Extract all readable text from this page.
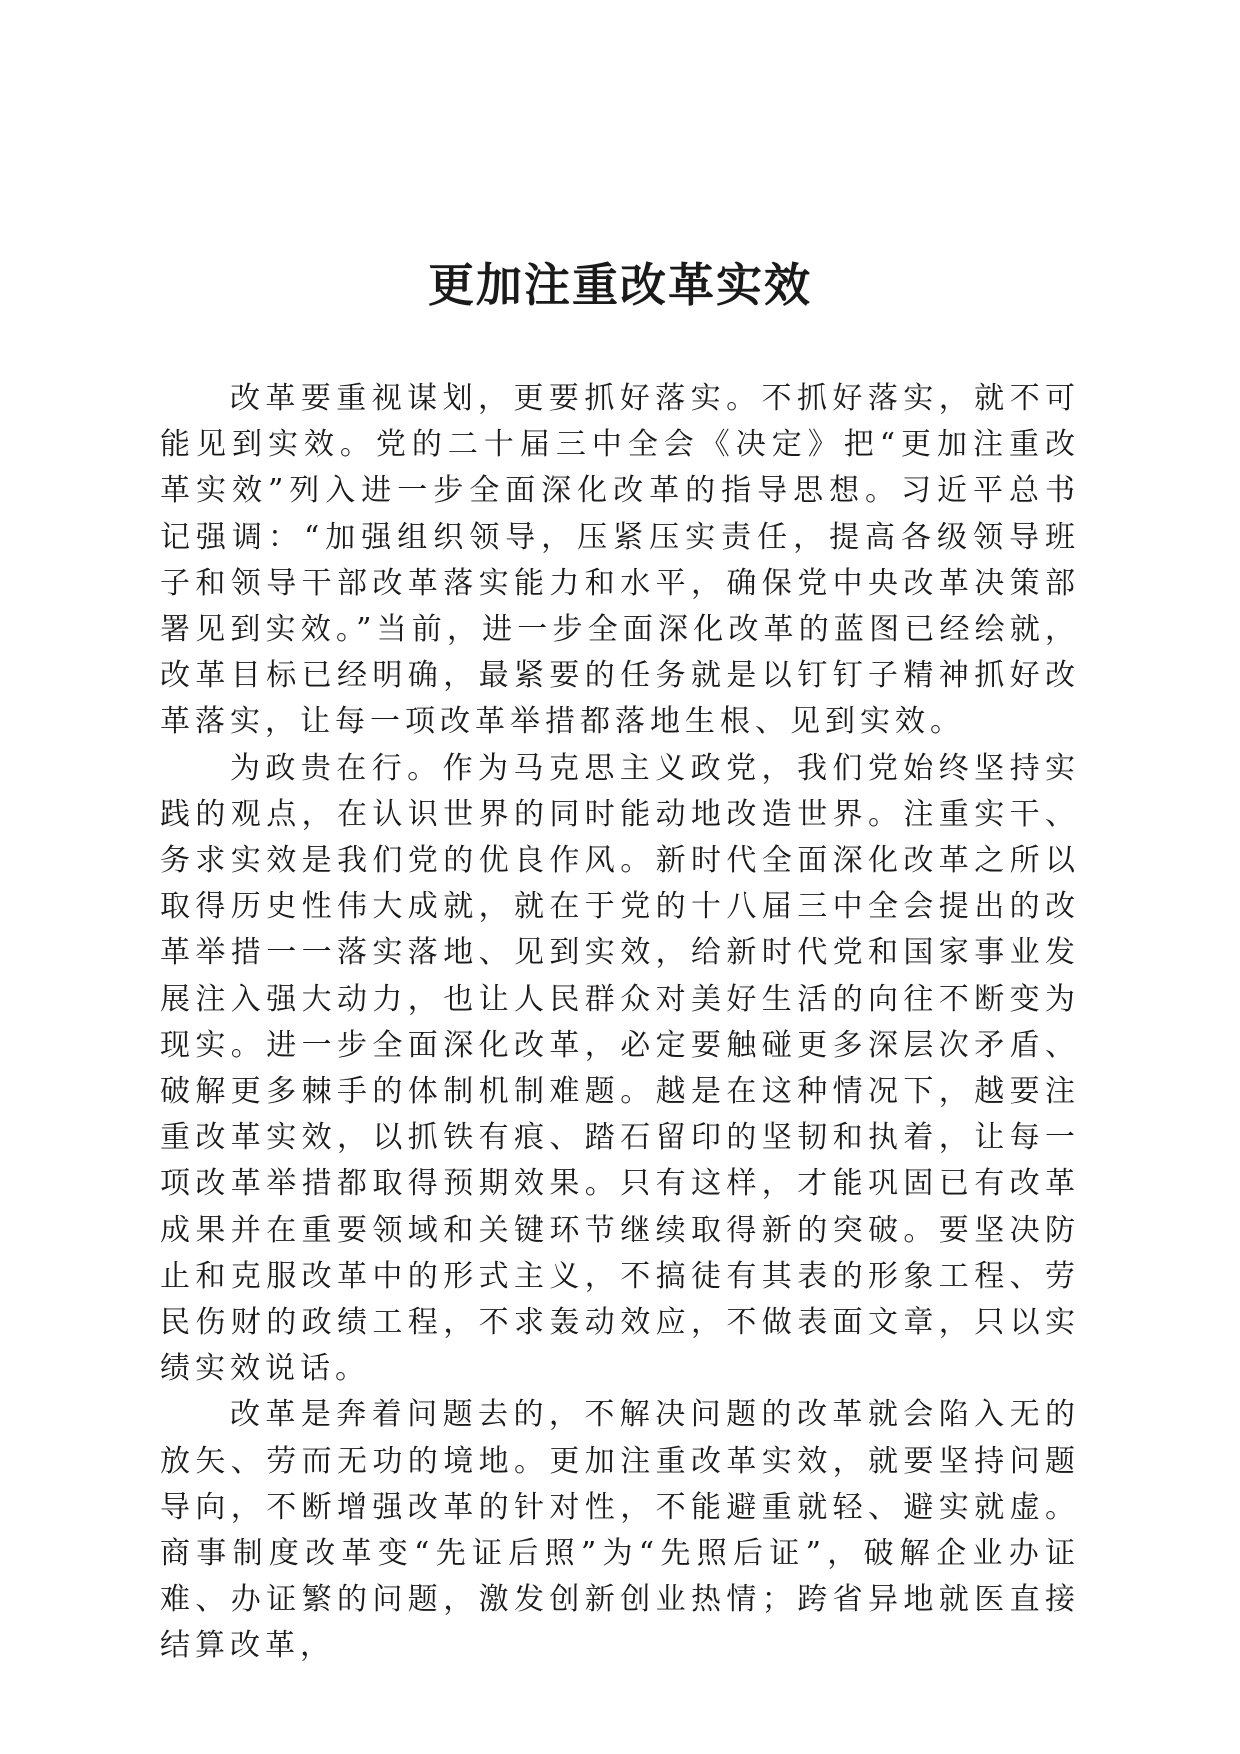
更加注重改革实效

改革要重视谋划，更要抓好落实。不抓好落实，就不可能见到实效。党的二十届三中全会《决定》把“更加注重改革实效”列入进一步全面深化改革的指导思想。习近平总书记强调：“加强组织领导，压紧压实责任，提高各级领导班子和领导干部改革落实能力和水平，确保党中央改革决策部署见到实效。”当前，进一步全面深化改革的蓝图已经绘就，改革目标已经明确，最紧要的任务就是以钉钉子精神抓好改革落实，让每一项改革举措都落地生根、见到实效。

为政贵在行。作为马克思主义政党，我们党始终坚持实践的观点，在认识世界的同时能动地改造世界。注重实干、务求实效是我们党的优良作风。新时代全面深化改革之所以取得历史性伟大成就，就在于党的十八届三中全会提出的改革举措一一落实落地、见到实效，给新时代党和国家事业发展注入强大动力，也让人民群众对美好生活的向往不断变为现实。进一步全面深化改革，必定要触碰更多深层次矛盾、破解更多棘手的体制机制难题。越是在这种情况下，越要注重改革实效，以抓铁有痕、踏石留印的坚韧和执着，让每一项改革举措都取得预期效果。只有这样，才能巩固已有改革成果并在重要领域和关键环节继续取得新的突破。要坚决防止和克服改革中的形式主义，不搞徒有其表的形象工程、劳民伤财的政绩工程，不求轰动效应，不做表面文章，只以实绩实效说话。

改革是奔着问题去的，不解决问题的改革就会陷入无的放矢、劳而无功的境地。更加注重改革实效，就要坚持问题导向，不断增强改革的针对性，不能避重就轻、避实就虚。商事制度改革变“先证后照”为“先照后证”，破解企业办证难、办证繁的问题，激发创新创业热情；跨省异地就医直接结算改革，
